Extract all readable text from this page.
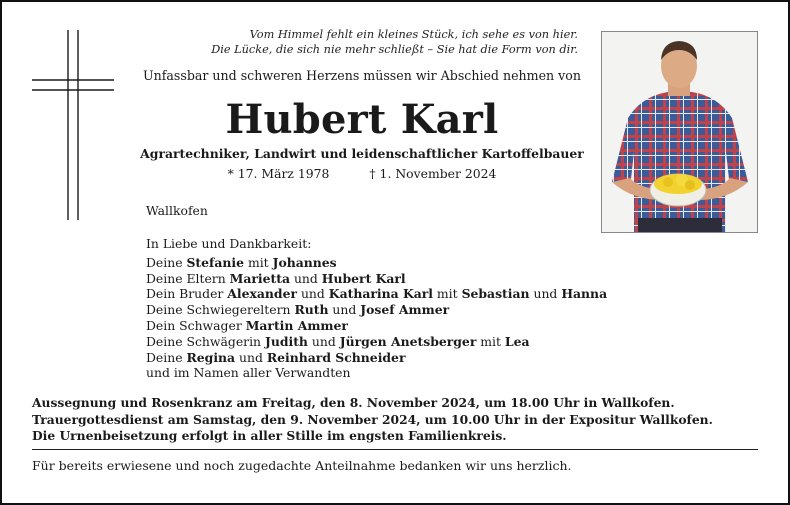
Vom Himmel fehlt ein kleines Stück, ich sehe es von hier.
Die Lücke, die sich nie mehr schließt – Sie hat die Form von dir.
Unfassbar und schweren Herzens müssen wir Abschied nehmen von
Hubert Karl
Agrartechniker, Landwirt und leidenschaftlicher Kartoffelbauer
* 17. März 1978	† 1. November 2024
Wallkofen
In Liebe und Dankbarkeit:
Deine Stefanie mit Johannes
Deine Eltern Marietta und Hubert Karl
Dein Bruder Alexander und Katharina Karl mit Sebastian und Hanna
Deine Schwiegereltern Ruth und Josef Ammer
Dein Schwager Martin Ammer
Deine Schwägerin Judith und Jürgen Anetsberger mit Lea
Deine Regina und Reinhard Schneider
und im Namen aller Verwandten
Aussegnung und Rosenkranz am Freitag, den 8. November 2024, um 18.00 Uhr in Wallkofen.
Trauergottesdienst am Samstag, den 9. November 2024, um 10.00 Uhr in der Expositur Wallkofen.
Die Urnenbeisetzung erfolgt in aller Stille im engsten Familienkreis.
Für bereits erwiesene und noch zugedachte Anteilnahme bedanken wir uns herzlich.
